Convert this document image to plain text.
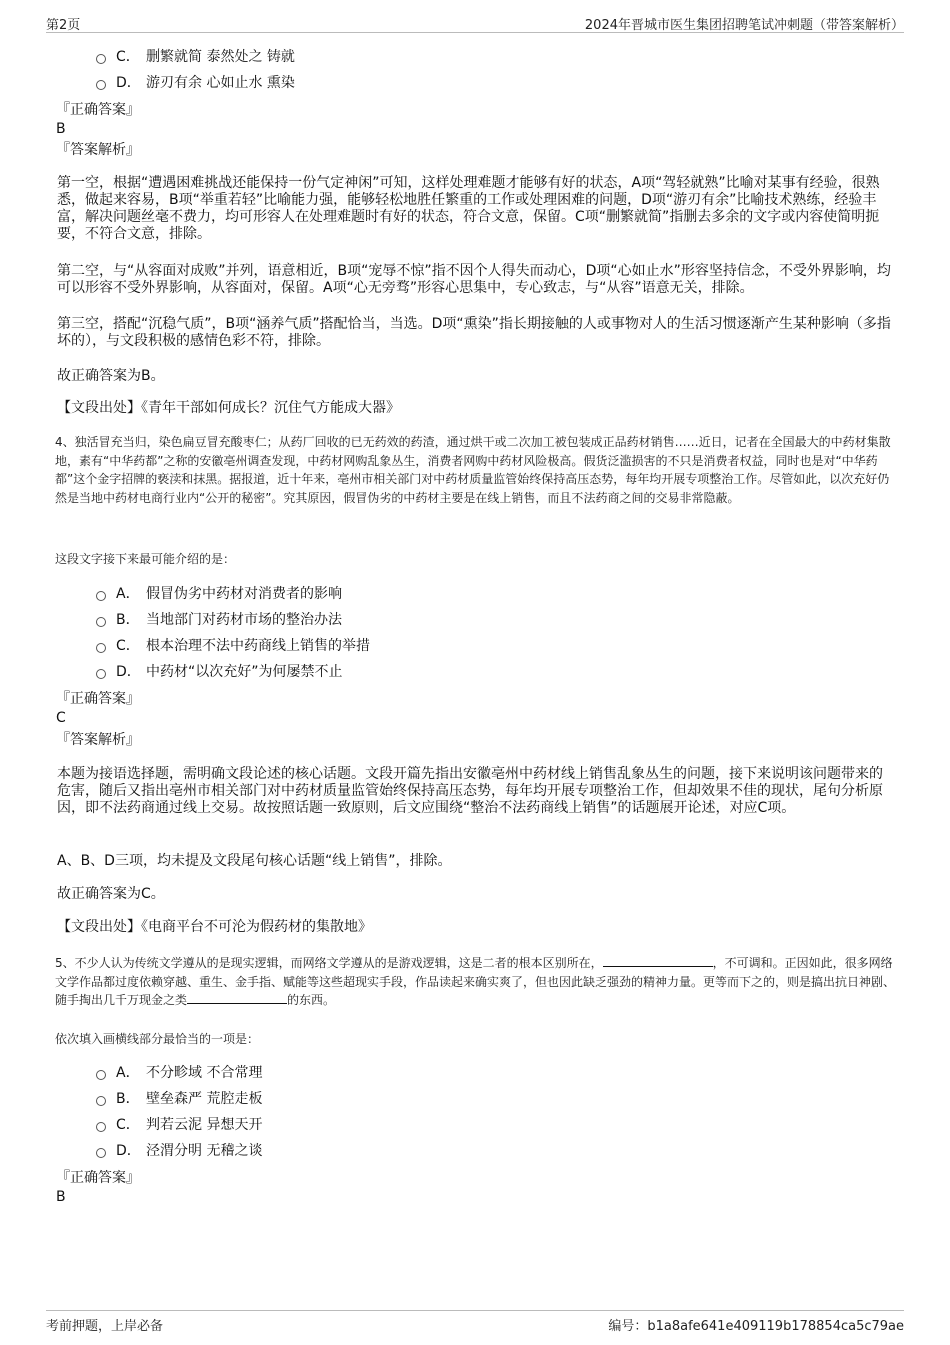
第2页	2024年晋城市医生集团招聘笔试冲刺题（带答案解析）
C． 删繁就简 泰然处之 铸就
D． 游刃有余 心如止水 熏染
『正确答案』
B
『答案解析』
第一空，根据“遭遇困难挑战还能保持一份气定神闲”可知，这样处理难题才能够有好的状态，A项“驾轻就熟”比喻对某事有经验，很熟悉，做起来容易，B项“举重若轻”比喻能力强，能够轻松地胜任繁重的工作或处理困难的问题，D项“游刃有余”比喻技术熟练，经验丰富，解决问题丝毫不费力，均可形容人在处理难题时有好的状态，符合文意，保留。C项“删繁就简”指删去多余的文字或内容使简明扼要，不符合文意，排除。
第二空，与“从容面对成败”并列，语意相近，B项“宠辱不惊”指不因个人得失而动心，D项“心如止水”形容坚持信念，不受外界影响，均可以形容不受外界影响，从容面对，保留。A项“心无旁骛”形容心思集中，专心致志，与“从容”语意无关，排除。
第三空，搭配“沉稳气质”，B项“涵养气质”搭配恰当，当选。D项“熏染”指长期接触的人或事物对人的生活习惯逐渐产生某种影响（多指坏的），与文段积极的感情色彩不符，排除。
故正确答案为B。
【文段出处】《青年干部如何成长？沉住气方能成大器》
4、独活冒充当归，染色扁豆冒充酸枣仁；从药厂回收的已无药效的药渣，通过烘干或二次加工被包装成正品药材销售……近日，记者在全国最大的中药材集散地，素有“中华药都”之称的安徽亳州调查发现，中药材网购乱象丛生，消费者网购中药材风险极高。假货泛滥损害的不只是消费者权益，同时也是对“中华药都”这个金字招牌的亵渎和抹黑。据报道，近十年来，亳州市相关部门对中药材质量监管始终保持高压态势，每年均开展专项整治工作。尽管如此，以次充好仍然是当地中药材电商行业内“公开的秘密”。究其原因，假冒伪劣的中药材主要是在线上销售，而且不法药商之间的交易非常隐蔽。
这段文字接下来最可能介绍的是：
A． 假冒伪劣中药材对消费者的影响
B． 当地部门对药材市场的整治办法
C． 根本治理不法中药商线上销售的举措
D． 中药材“以次充好”为何屡禁不止
『正确答案』
C
『答案解析』
本题为接语选择题，需明确文段论述的核心话题。文段开篇先指出安徽亳州中药材线上销售乱象丛生的问题，接下来说明该问题带来的危害，随后又指出亳州市相关部门对中药材质量监管始终保持高压态势，每年均开展专项整治工作，但却效果不佳的现状，尾句分析原因，即不法药商通过线上交易。故按照话题一致原则，后文应围绕“整治不法药商线上销售”的话题展开论述，对应C项。
A、B、D三项，均未提及文段尾句核心话题“线上销售”，排除。
故正确答案为C。
【文段出处】《电商平台不可沦为假药材的集散地》
5、不少人认为传统文学遵从的是现实逻辑，而网络文学遵从的是游戏逻辑，这是二者的根本区别所在，	，不可调和。正因如此，很多网络文学作品都过度依赖穿越、重生、金手指、赋能等这些超现实手段，作品读起来确实爽了，但也因此缺乏强劲的精神力量。更等而下之的，则是搞出抗日神剧、随手掏出几千万现金之类	的东西。
依次填入画横线部分最恰当的一项是：
A． 不分畛域 不合常理
B． 壁垒森严 荒腔走板
C． 判若云泥 异想天开
D． 泾渭分明 无稽之谈
『正确答案』
B
考前押题，上岸必备	编号：b1a8afe641e409119b178854ca5c79ae
